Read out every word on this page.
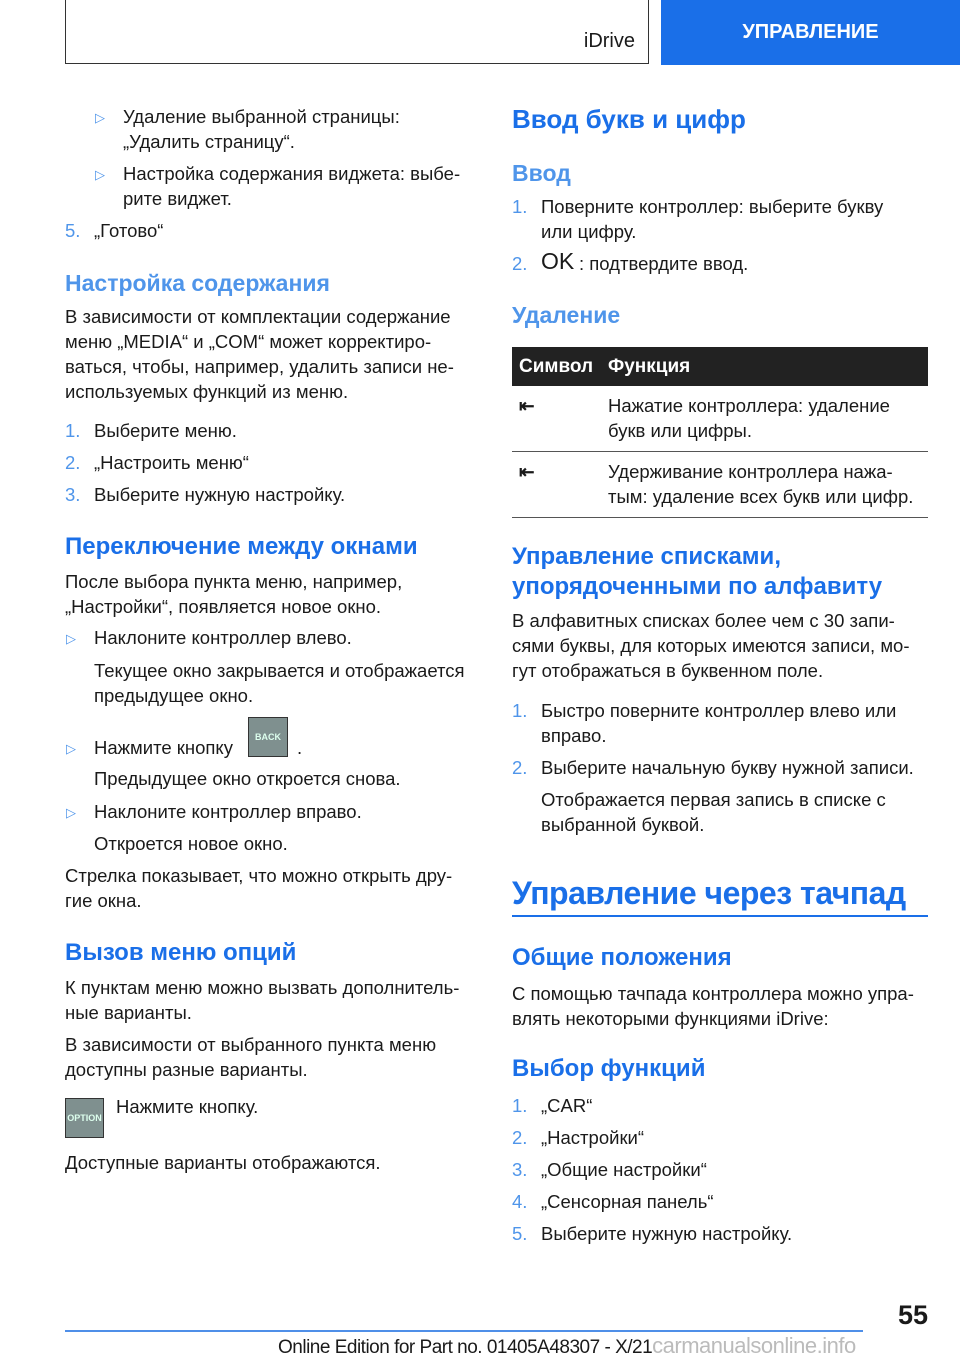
iDrive	УПРАВЛЕНИЕ
▷ Удаление выбранной страницы:
„Удалить страницу“.
▷ Настройка содержания виджета: выбе-
рите виджет.
5. „Готово“
Настройка содержания
В зависимости от комплектации содержание
меню „MEDIA“ и „COM“ может корректиро-
ваться, чтобы, например, удалить записи не-
используемых функций из меню.
1. Выберите меню.
2. „Настроить меню“
3. Выберите нужную настройку.
Переключение между окнами
После выбора пункта меню, например,
„Настройки“, появляется новое окно.
▷ Наклоните контроллер влево.
Текущее окно закрывается и отображается
предыдущее окно.
▷ Нажмите кнопку	BACK .
Предыдущее окно откроется снова.
▷ Наклоните контроллер вправо.
Откроется новое окно.
Стрелка показывает, что можно открыть дру-
гие окна.
Вызов меню опций
К пунктам меню можно вызвать дополнитель-
ные варианты.
В зависимости от выбранного пункта меню
доступны разные варианты.
OPTION
Нажмите кнопку.
Доступные варианты отображаются.
Ввод букв и цифр
Ввод
1. Поверните контроллер: выберите букву
или цифру.
2. OK : подтвердите ввод.
Удаление
Символ	Функция
⇤	Нажатие контроллера: удаление
букв или цифры.

⇤	Удерживание контроллера нажа-
тым: удаление всех букв или цифр.
Управление списками,
упорядоченными по алфавиту
В алфавитных списках более чем с 30 запи-
сями буквы, для которых имеются записи, мо-
гут отображаться в буквенном поле.
1. Быстро поверните контроллер влево или
вправо.
2. Выберите начальную букву нужной записи.
Отображается первая запись в списке с
выбранной буквой.
Управление через тачпад
Общие положения
С помощью тачпада контроллера можно упра-
влять некоторыми функциями iDrive:
Выбор функций
1. „CAR“
2. „Настройки“
3. „Общие настройки“
4. „Сенсорная панель“
5. Выберите нужную настройку.
55
Online Edition for Part no. 01405A48307 - X/21carmanualsonline.info
